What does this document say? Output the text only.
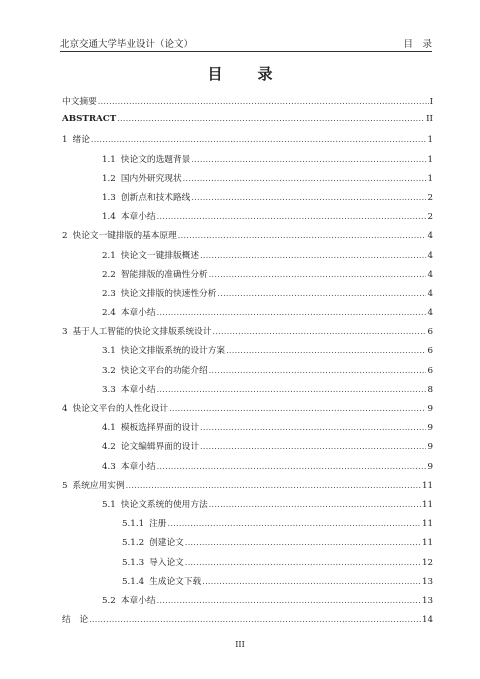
北京交通大学毕业设计（论文）	目　录
目　录
中文摘要 .....	I
ABSTRACT .....	II
1 绪论 .....	1
1.1 快论文的选题背景 .....	1
1.2 国内外研究现状 .....	1
1.3 创新点和技术路线 .....	2
1.4 本章小结 .....	2
2 快论文一键排版的基本原理 .....	4
2.1 快论文一键排版概述 .....	4
2.2 智能排版的准确性分析 .....	4
2.3 快论文排版的快速性分析 .....	4
2.4 本章小结 .....	4
3 基于人工智能的快论文排版系统设计 .....	6
3.1 快论文排版系统的设计方案 .....	6
3.2 快论文平台的功能介绍 .....	6
3.3 本章小结 .....	8
4 快论文平台的人性化设计 .....	9
4.1 模板选择界面的设计 .....	9
4.2 论文编辑界面的设计 .....	9
4.3 本章小结 .....	9
5 系统应用实例 .....	11
5.1 快论文系统的使用方法 .....	11
5.1.1 注册 .....	11
5.1.2 创建论文 .....	11
5.1.3 导入论文 .....	12
5.1.4 生成论文下载 .....	13
5.2 本章小结 .....	13
结　论 .....	14
III
